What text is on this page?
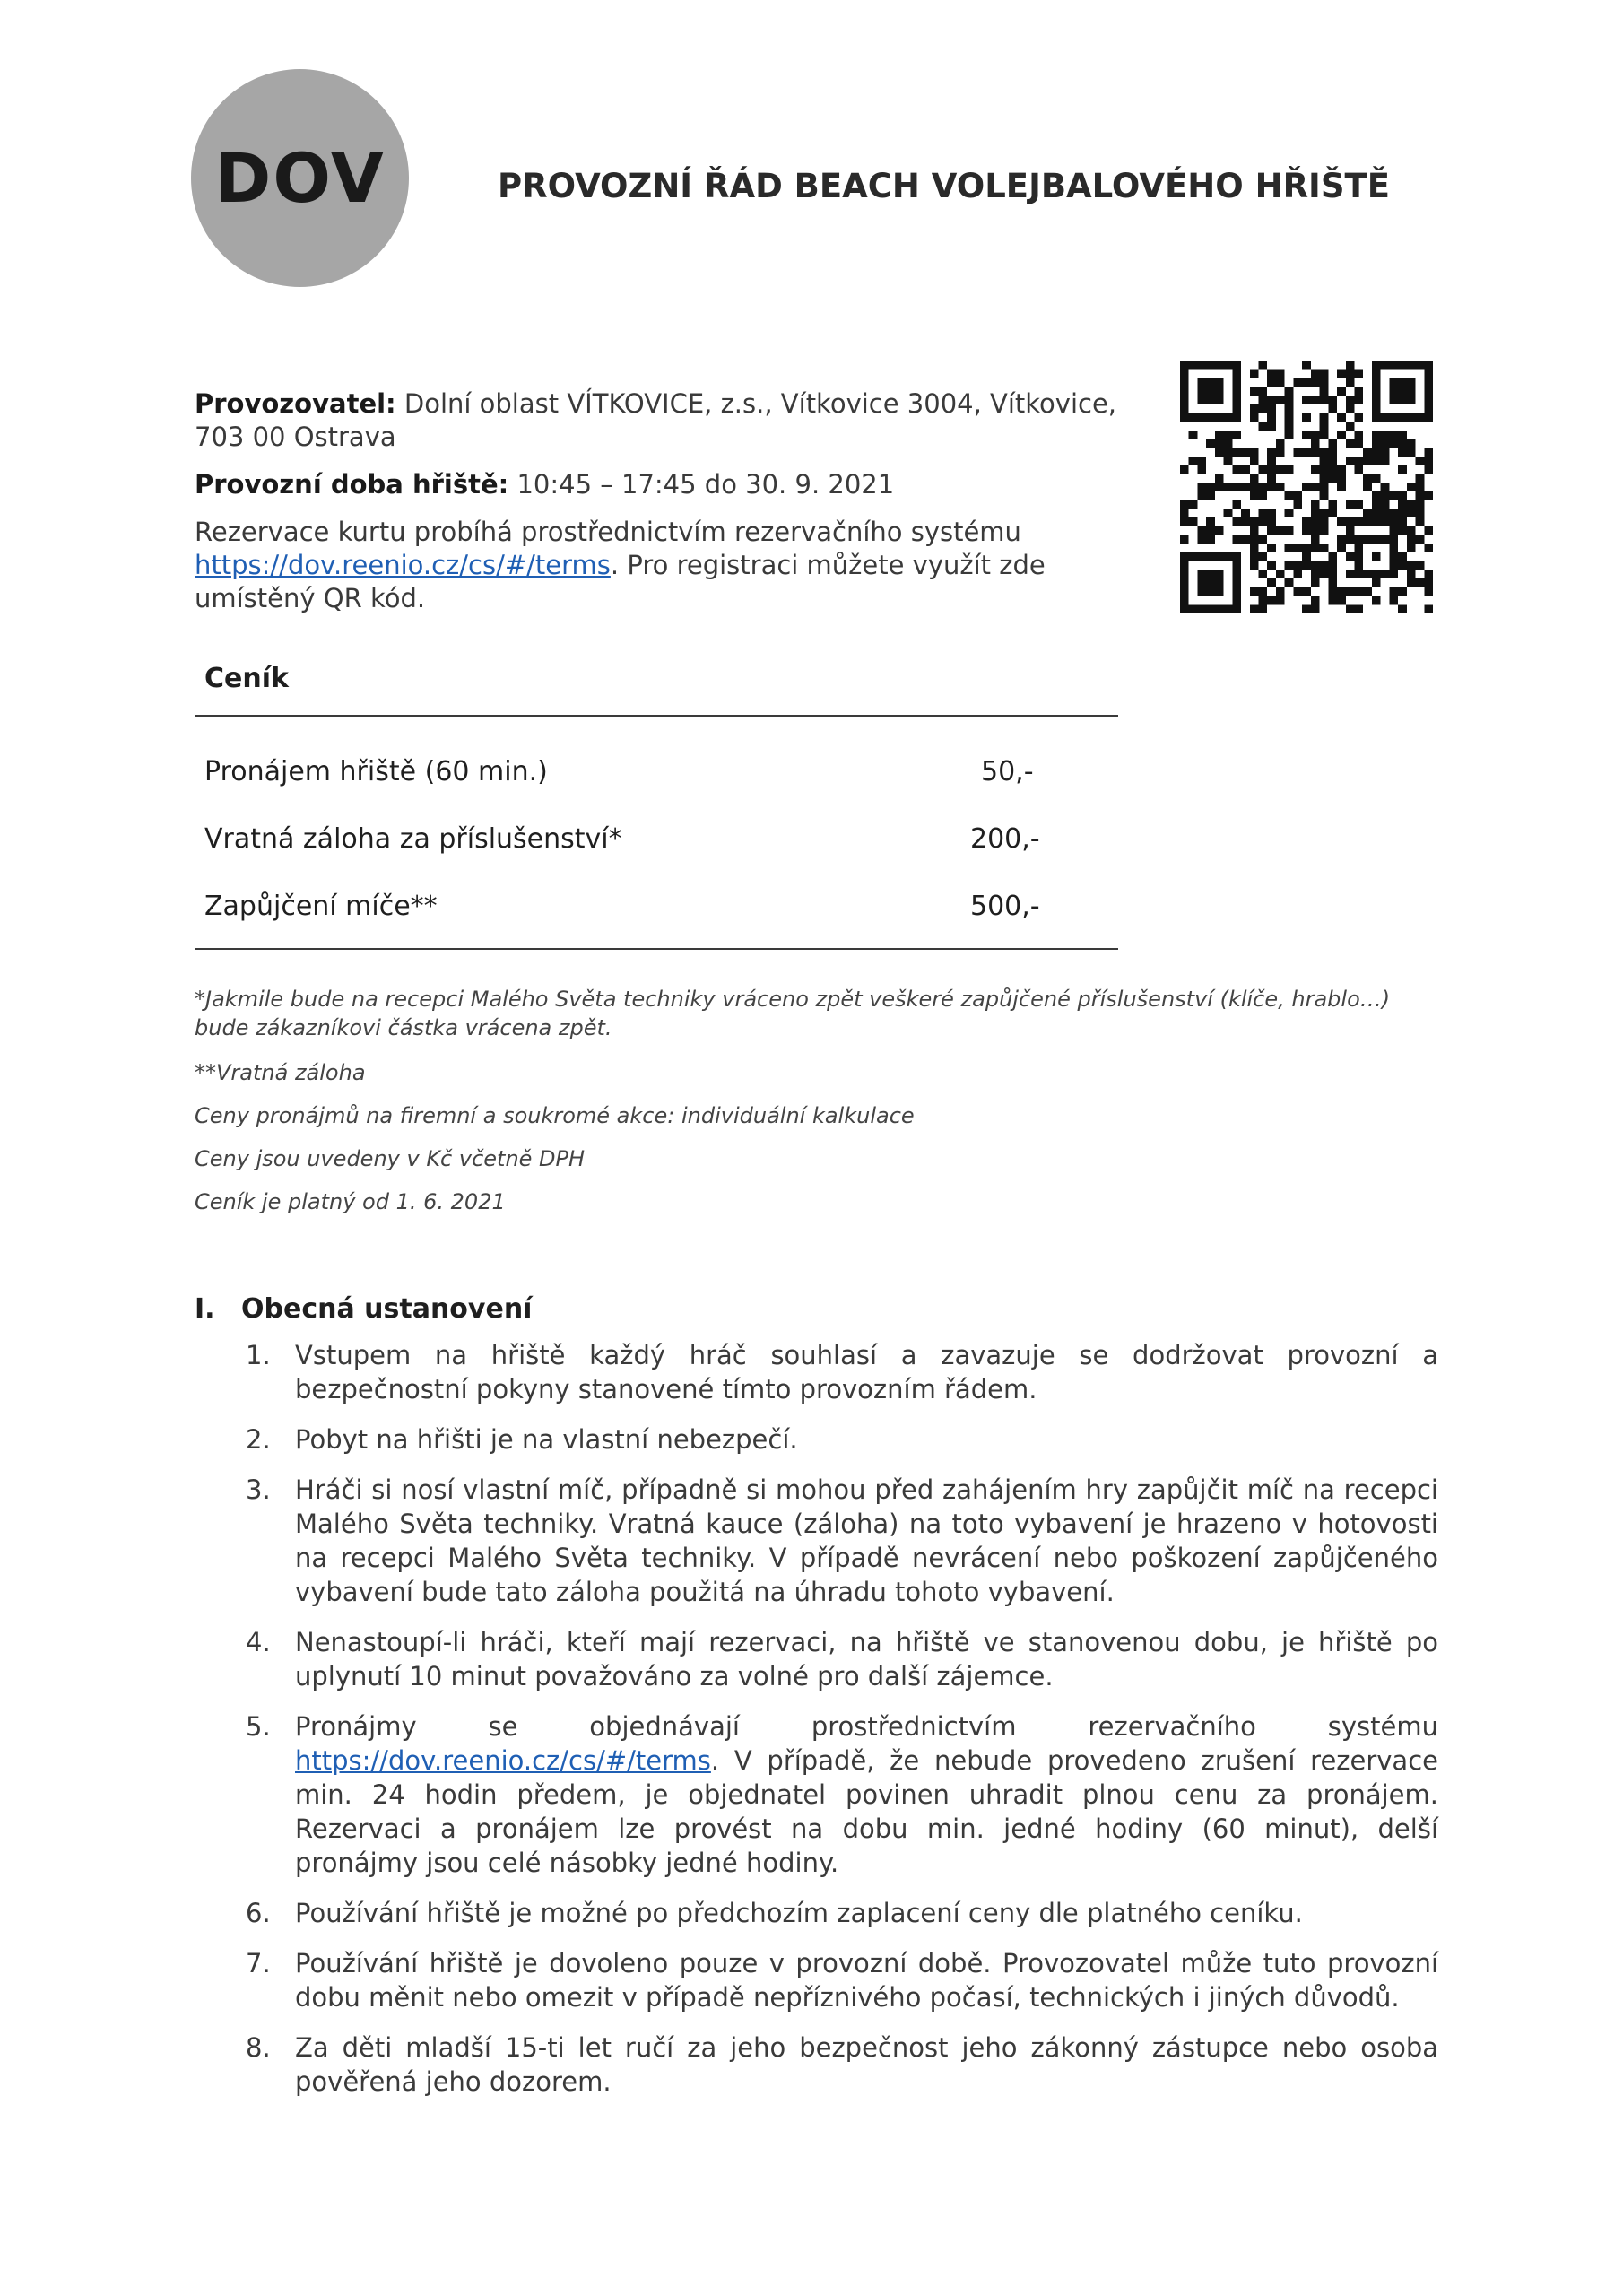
DOV	PROVOZNÍ ŘÁD BEACH VOLEJBALOVÉHO HŘIŠTĚ

Provozovatel: Dolní oblast VÍTKOVICE, z.s., Vítkovice 3004, Vítkovice, 703 00 Ostrava

Provozní doba hřiště: 10:45 – 17:45 do 30. 9. 2021

Rezervace kurtu probíhá prostřednictvím rezervačního systému https://dov.reenio.cz/cs/#/terms. Pro registraci můžete využít zde umístěný QR kód.

Ceník
Pronájem hřiště (60 min.)	50,-
Vratná záloha za příslušenství*	200,-
Zapůjčení míče**	500,-

*Jakmile bude na recepci Malého Světa techniky vráceno zpět veškeré zapůjčené příslušenství (klíče, hrablo…) bude zákazníkovi částka vrácena zpět.

**Vratná záloha

Ceny pronájmů na firemní a soukromé akce: individuální kalkulace

Ceny jsou uvedeny v Kč včetně DPH

Ceník je platný od 1. 6. 2021

I. Obecná ustanovení
1. Vstupem na hřiště každý hráč souhlasí a zavazuje se dodržovat provozní a bezpečnostní pokyny stanovené tímto provozním řádem.
2. Pobyt na hřišti je na vlastní nebezpečí.
3. Hráči si nosí vlastní míč, případně si mohou před zahájením hry zapůjčit míč na recepci Malého Světa techniky. Vratná kauce (záloha) na toto vybavení je hrazeno v hotovosti na recepci Malého Světa techniky. V případě nevrácení nebo poškození zapůjčeného vybavení bude tato záloha použitá na úhradu tohoto vybavení.
4. Nenastoupí-li hráči, kteří mají rezervaci, na hřiště ve stanovenou dobu, je hřiště po uplynutí 10 minut považováno za volné pro další zájemce.
5. Pronájmy se objednávají prostřednictvím rezervačního systému https://dov.reenio.cz/cs/#/terms. V případě, že nebude provedeno zrušení rezervace min. 24 hodin předem, je objednatel povinen uhradit plnou cenu za pronájem. Rezervaci a pronájem lze provést na dobu min. jedné hodiny (60 minut), delší pronájmy jsou celé násobky jedné hodiny.
6. Používání hřiště je možné po předchozím zaplacení ceny dle platného ceníku.
7. Používání hřiště je dovoleno pouze v provozní době. Provozovatel může tuto provozní dobu měnit nebo omezit v případě nepříznivého počasí, technických i jiných důvodů.
8. Za děti mladší 15-ti let ručí za jeho bezpečnost jeho zákonný zástupce nebo osoba pověřená jeho dozorem.
